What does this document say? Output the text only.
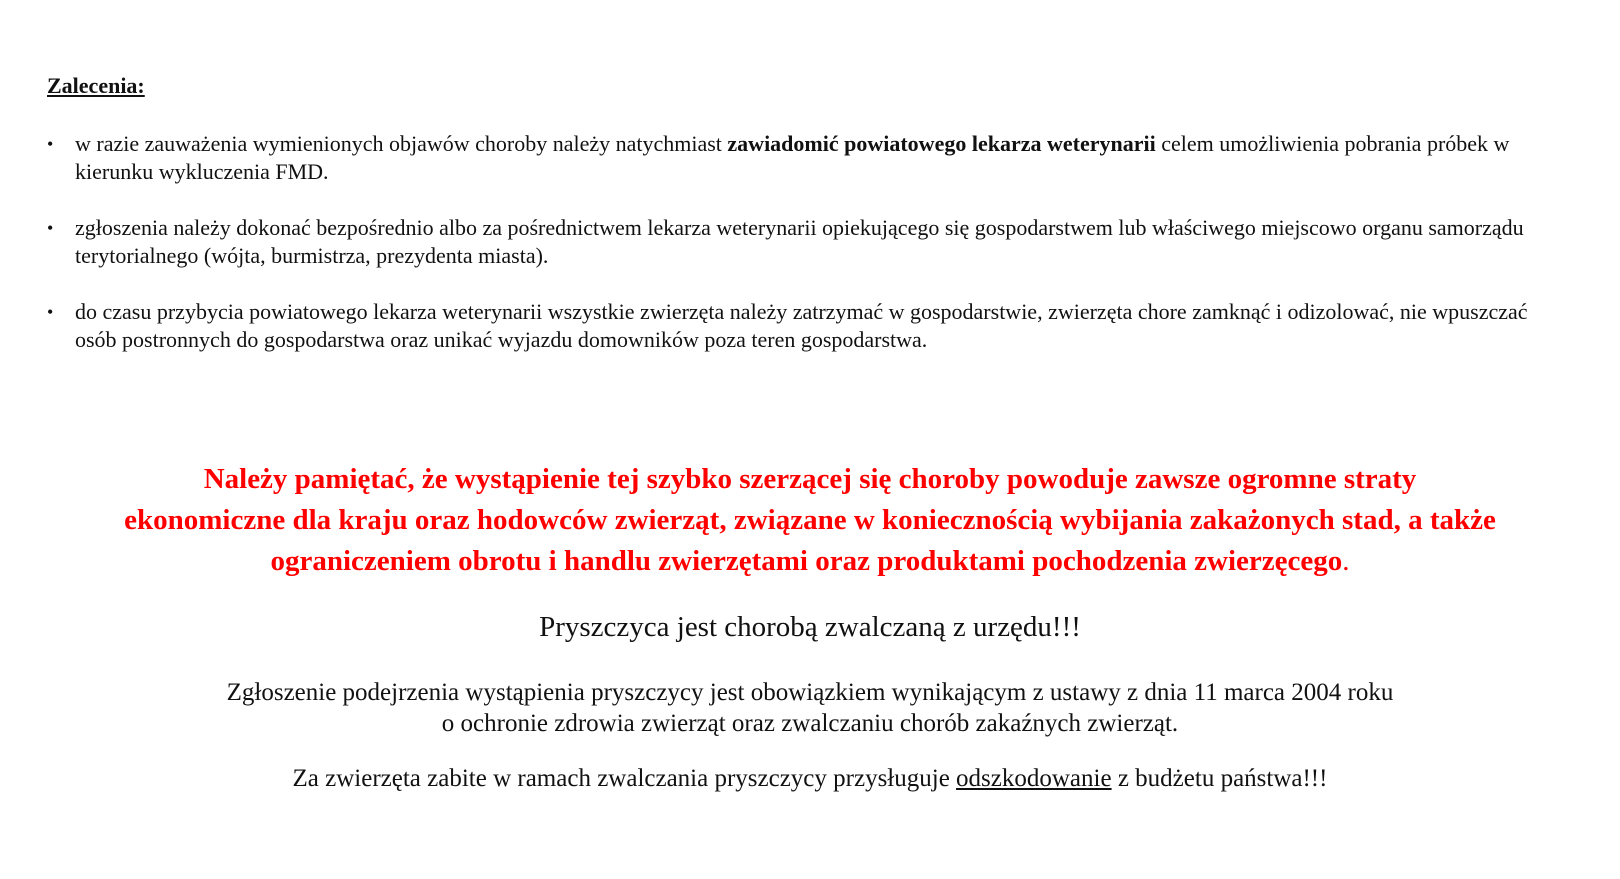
Zalecenia:
• w razie zauważenia wymienionych objawów choroby należy natychmiast zawiadomić powiatowego lekarza weterynarii celem umożliwienia pobrania próbek w kierunku wykluczenia FMD.
• zgłoszenia należy dokonać bezpośrednio albo za pośrednictwem lekarza weterynarii opiekującego się gospodarstwem lub właściwego miejscowo organu samorządu terytorialnego (wójta, burmistrza, prezydenta miasta).
• do czasu przybycia powiatowego lekarza weterynarii wszystkie zwierzęta należy zatrzymać w gospodarstwie, zwierzęta chore zamknąć i odizolować, nie wpuszczać osób postronnych do gospodarstwa oraz unikać wyjazdu domowników poza teren gospodarstwa.

Należy pamiętać, że wystąpienie tej szybko szerzącej się choroby powoduje zawsze ogromne straty
ekonomiczne dla kraju oraz hodowców zwierząt, związane w koniecznością wybijania zakażonych stad, a także
ograniczeniem obrotu i handlu zwierzętami oraz produktami pochodzenia zwierzęcego.

Pryszczyca jest chorobą zwalczaną z urzędu!!!

Zgłoszenie podejrzenia wystąpienia pryszczycy jest obowiązkiem wynikającym z ustawy z dnia 11 marca 2004 roku
o ochronie zdrowia zwierząt oraz zwalczaniu chorób zakaźnych zwierząt.

Za zwierzęta zabite w ramach zwalczania pryszczycy przysługuje odszkodowanie z budżetu państwa!!!
